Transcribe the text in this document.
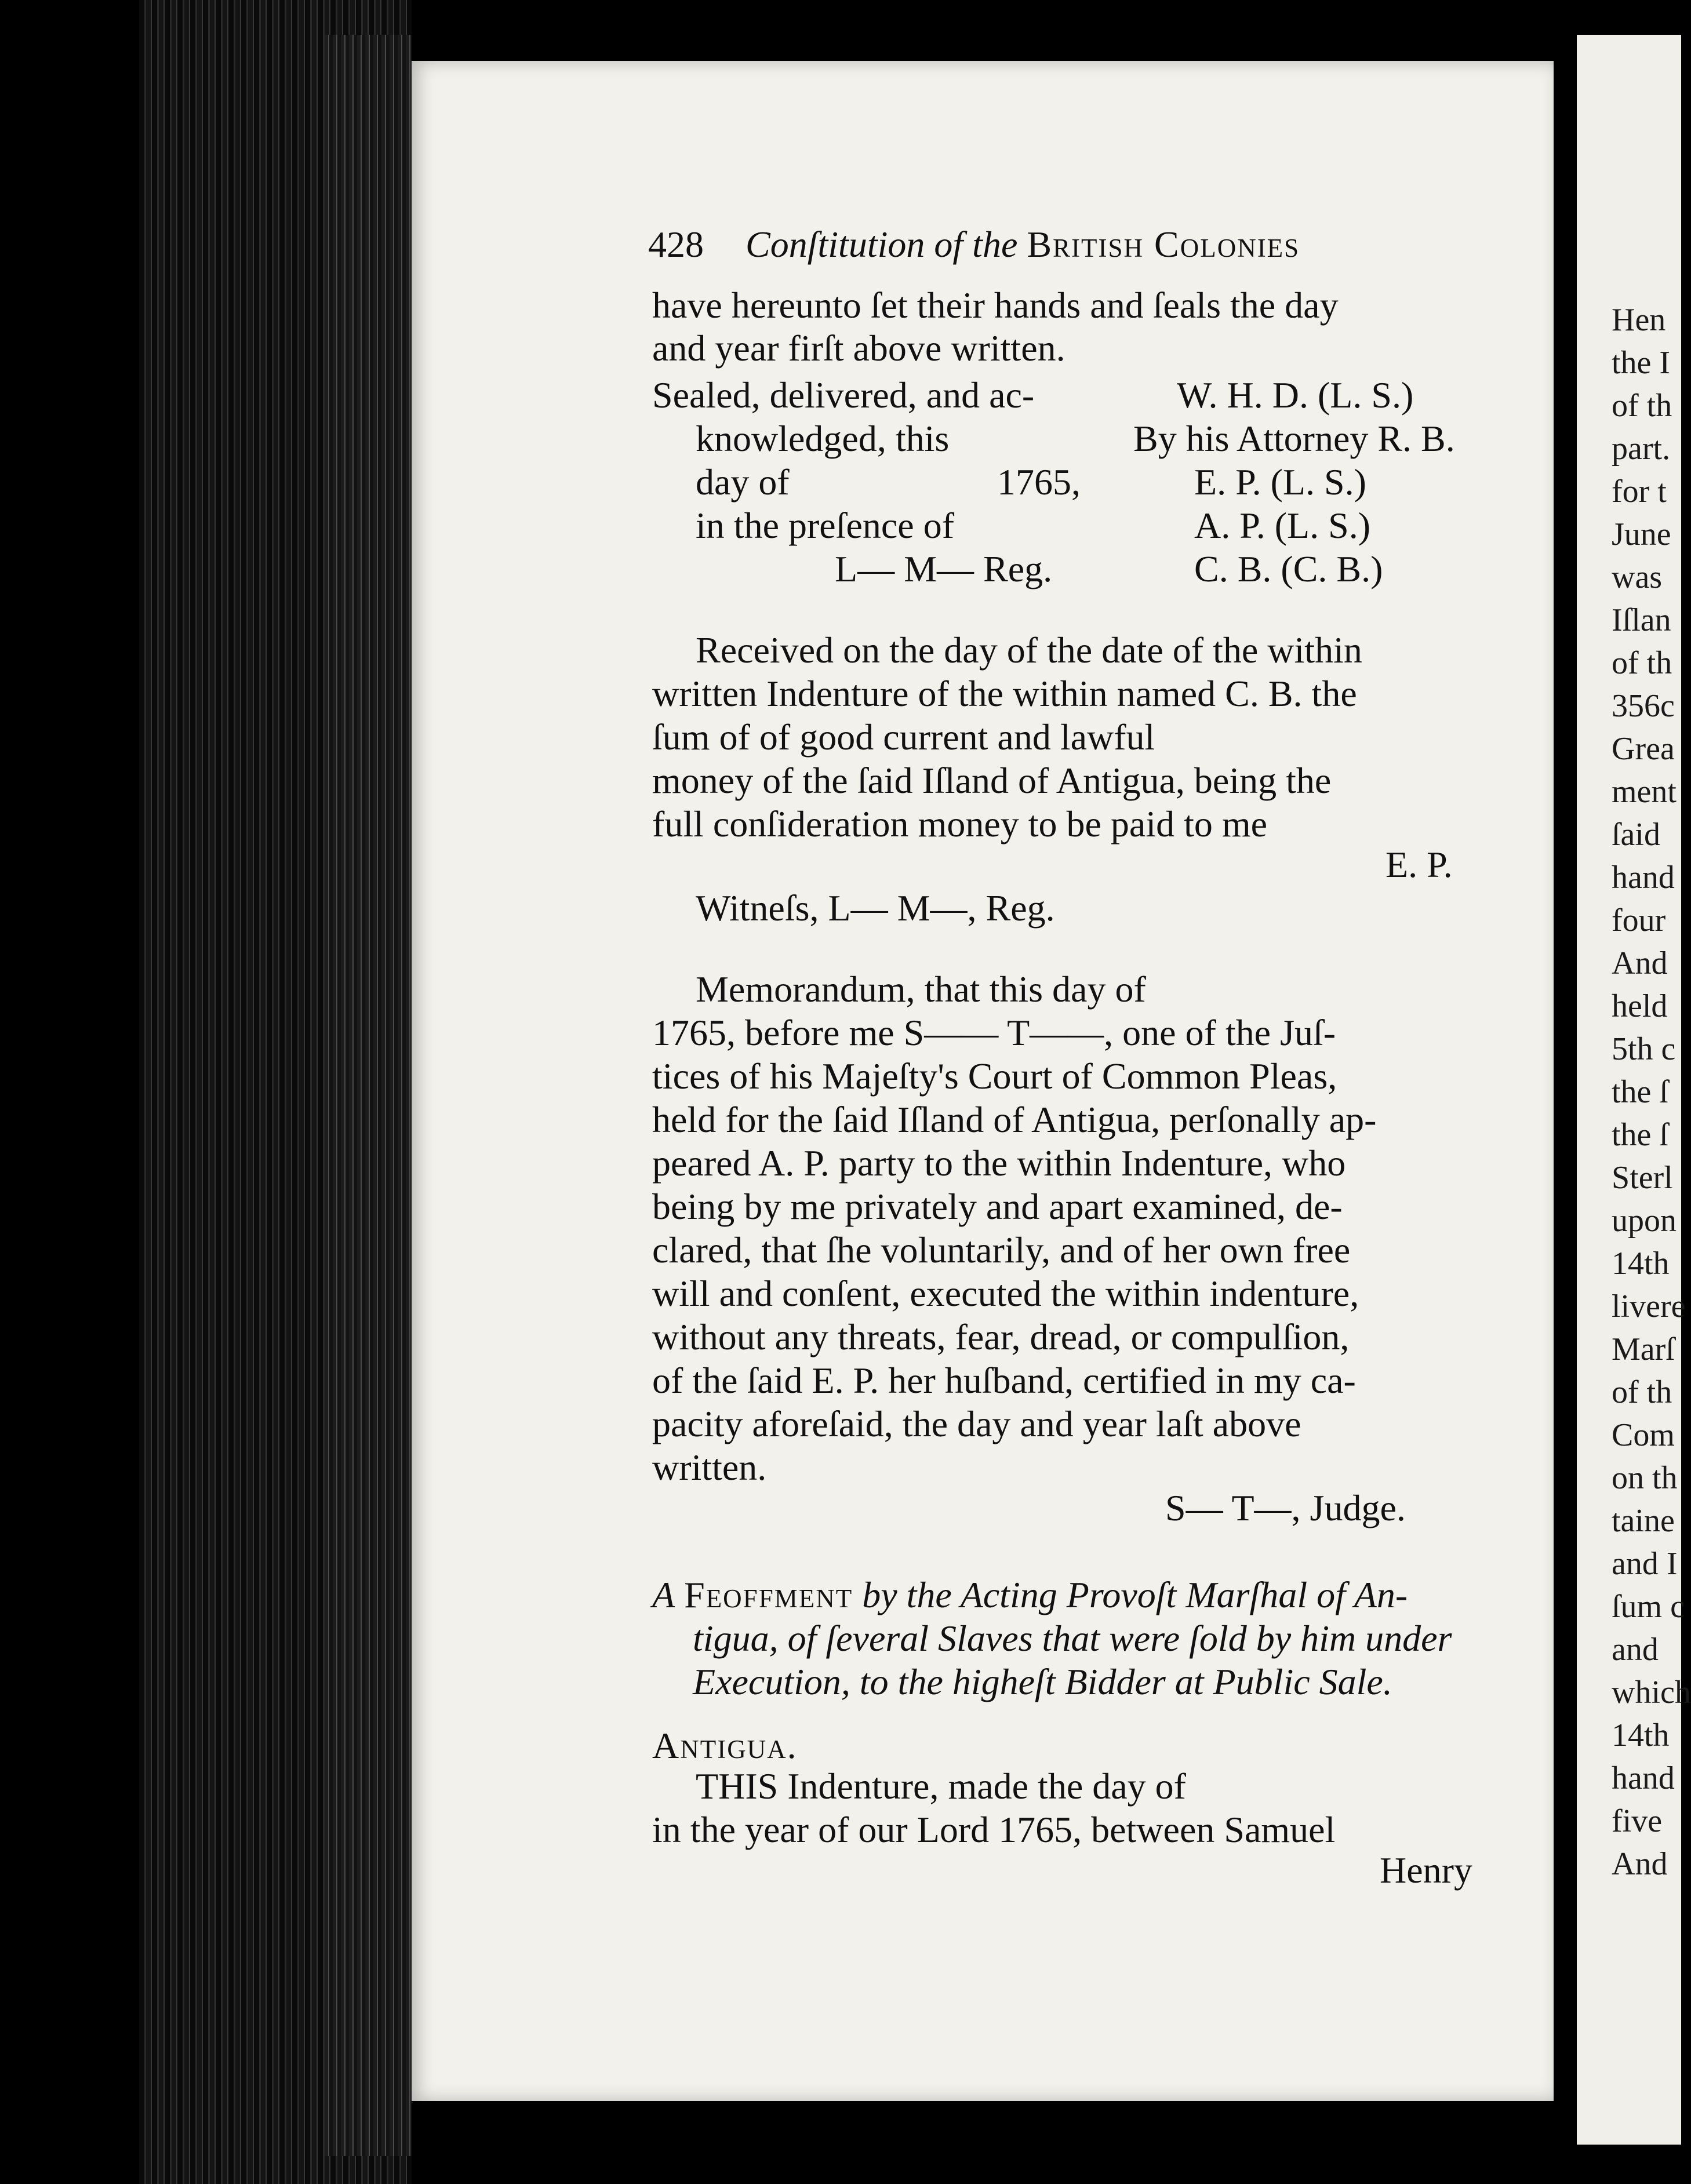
Hen
the I
of th
part.
for t
June
was
Iſlan
of th
356c
Grea
ment
ſaid
hand
four
And
held
5th c
the ſ
the ſ
Sterl
upon
14th
livere
Marſ
of th
Com
on th
taine
and I
ſum c
and
which
14th
hand
five
And
428 Conſtitution of the British Colonies
have hereunto ſet their hands and ſeals the day
and year firſt above written.
Sealed, delivered, and ac-
knowledged, this
day of	1765,
in the preſence of
L— M— Reg.
W. H. D. (L. S.)
By his Attorney R. B.
E. P. (L. S.)
A. P. (L. S.)
C. B. (C. B.)
Received on the day of the date of the within
written Indenture of the within named C. B. the
ſum of of good current and lawful
money of the ſaid Iſland of Antigua, being the
full conſideration money to be paid to me
E. P.
Witneſs, L— M—, Reg.
Memorandum, that this day of
1765, before me S—— T——, one of the Juſ-
tices of his Majeſty's Court of Common Pleas,
held for the ſaid Iſland of Antigua, perſonally ap-
peared A. P. party to the within Indenture, who
being by me privately and apart examined, de-
clared, that ſhe voluntarily, and of her own free
will and conſent, executed the within indenture,
without any threats, fear, dread, or compulſion,
of the ſaid E. P. her huſband, certified in my ca-
pacity aforeſaid, the day and year laſt above
written.
S— T—, Judge.
A Feoffment by the Acting Provoſt Marſhal of An-
tigua, of ſeveral Slaves that were ſold by him under
Execution, to the higheſt Bidder at Public Sale.
Antigua.
THIS Indenture, made the day of
in the year of our Lord 1765, between Samuel
Henry
